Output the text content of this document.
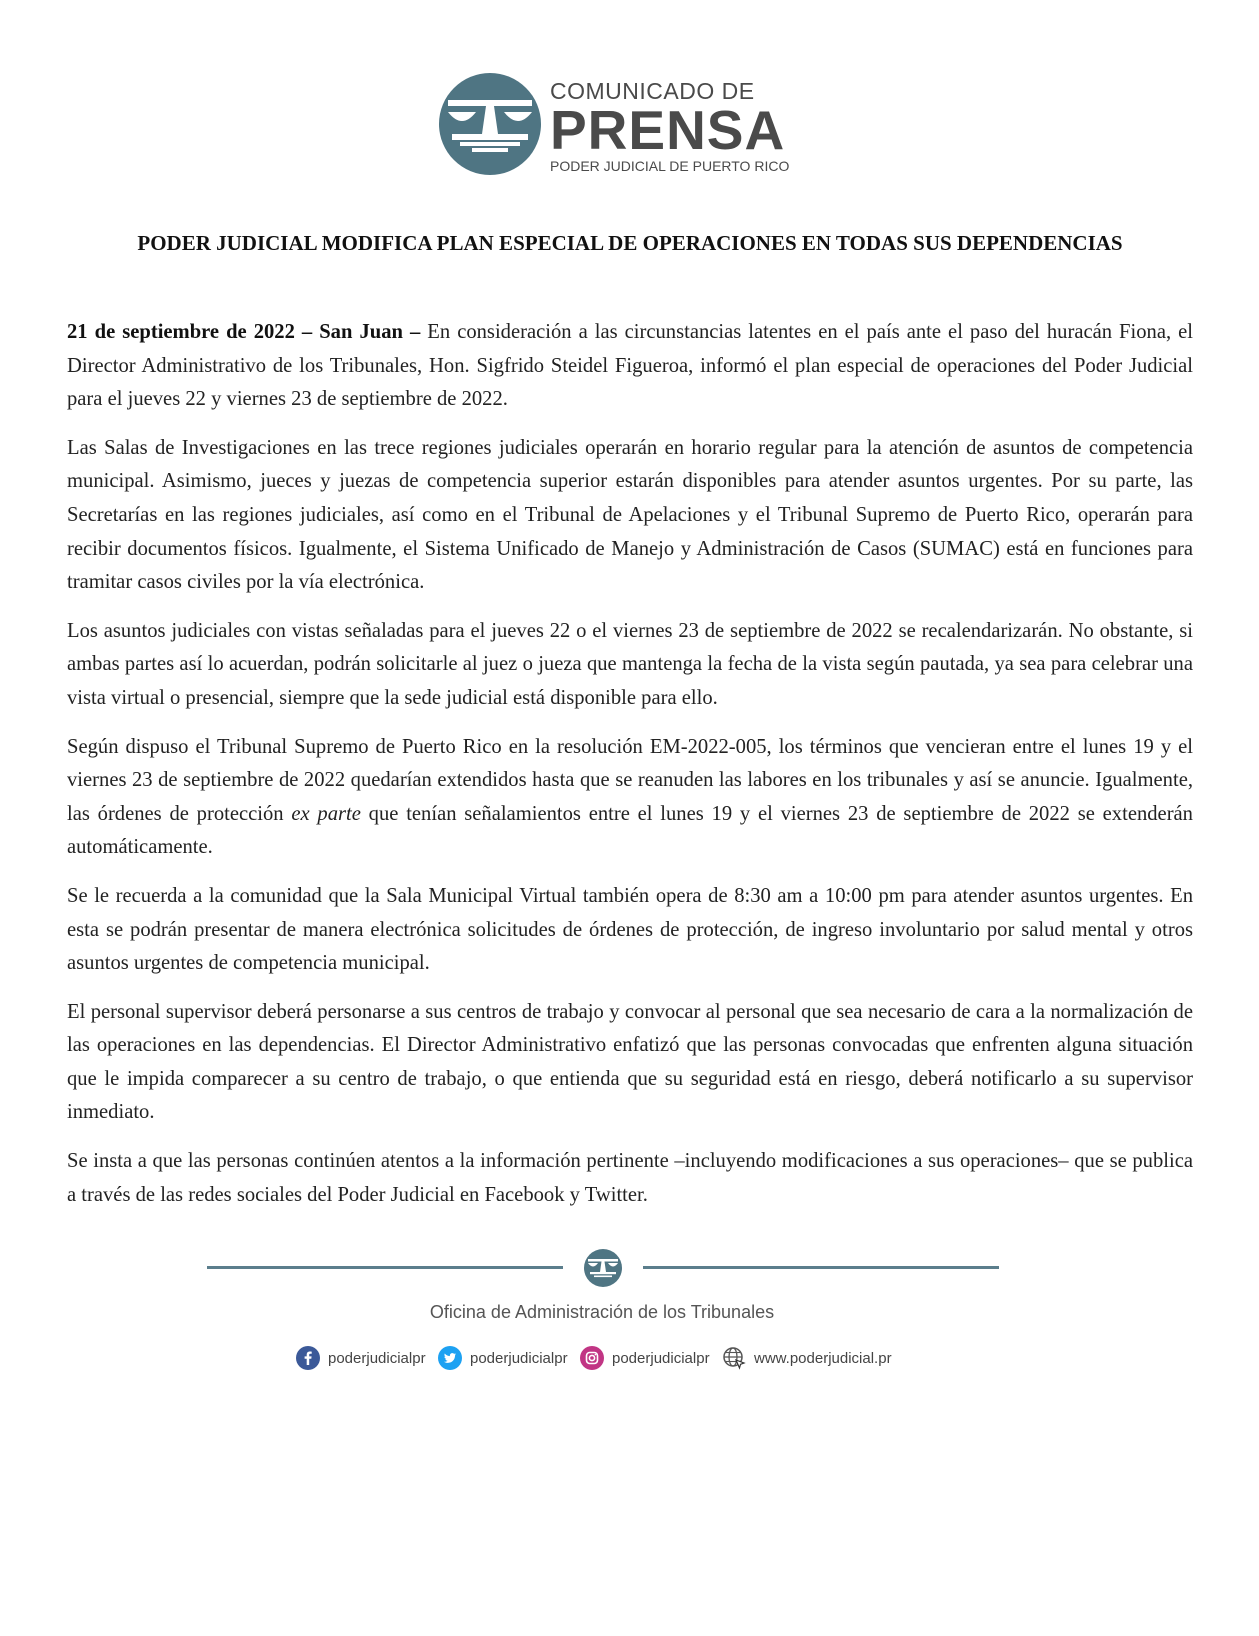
COMUNICADO DE
PRENSA
PODER JUDICIAL DE PUERTO RICO
PODER JUDICIAL MODIFICA PLAN ESPECIAL DE OPERACIONES EN TODAS SUS DEPENDENCIAS

21 de septiembre de 2022 – San Juan – En consideración a las circunstancias latentes en el país ante el paso del huracán Fiona, el Director Administrativo de los Tribunales, Hon. Sigfrido Steidel Figueroa, informó el plan especial de operaciones del Poder Judicial para el jueves 22 y viernes 23 de septiembre de 2022.

Las Salas de Investigaciones en las trece regiones judiciales operarán en horario regular para la atención de asuntos de competencia municipal. Asimismo, jueces y juezas de competencia superior estarán disponibles para atender asuntos urgentes. Por su parte, las Secretarías en las regiones judiciales, así como en el Tribunal de Apelaciones y el Tribunal Supremo de Puerto Rico, operarán para recibir documentos físicos. Igualmente, el Sistema Unificado de Manejo y Administración de Casos (SUMAC) está en funciones para tramitar casos civiles por la vía electrónica.

Los asuntos judiciales con vistas señaladas para el jueves 22 o el viernes 23 de septiembre de 2022 se recalendarizarán. No obstante, si ambas partes así lo acuerdan, podrán solicitarle al juez o jueza que mantenga la fecha de la vista según pautada, ya sea para celebrar una vista virtual o presencial, siempre que la sede judicial está disponible para ello.

Según dispuso el Tribunal Supremo de Puerto Rico en la resolución EM-2022-005, los términos que vencieran entre el lunes 19 y el viernes 23 de septiembre de 2022 quedarían extendidos hasta que se reanuden las labores en los tribunales y así se anuncie. Igualmente, las órdenes de protección ex parte que tenían señalamientos entre el lunes 19 y el viernes 23 de septiembre de 2022 se extenderán automáticamente.

Se le recuerda a la comunidad que la Sala Municipal Virtual también opera de 8:30 am a 10:00 pm para atender asuntos urgentes. En esta se podrán presentar de manera electrónica solicitudes de órdenes de protección, de ingreso involuntario por salud mental y otros asuntos urgentes de competencia municipal.

El personal supervisor deberá personarse a sus centros de trabajo y convocar al personal que sea necesario de cara a la normalización de las operaciones en las dependencias. El Director Administrativo enfatizó que las personas convocadas que enfrenten alguna situación que le impida comparecer a su centro de trabajo, o que entienda que su seguridad está en riesgo, deberá notificarlo a su supervisor inmediato.

Se insta a que las personas continúen atentos a la información pertinente –incluyendo modificaciones a sus operaciones– que se publica a través de las redes sociales del Poder Judicial en Facebook y Twitter.

Oficina de Administración de los Tribunales
poderjudicialpr	poderjudicialpr	poderjudicialpr	www.poderjudicial.pr
